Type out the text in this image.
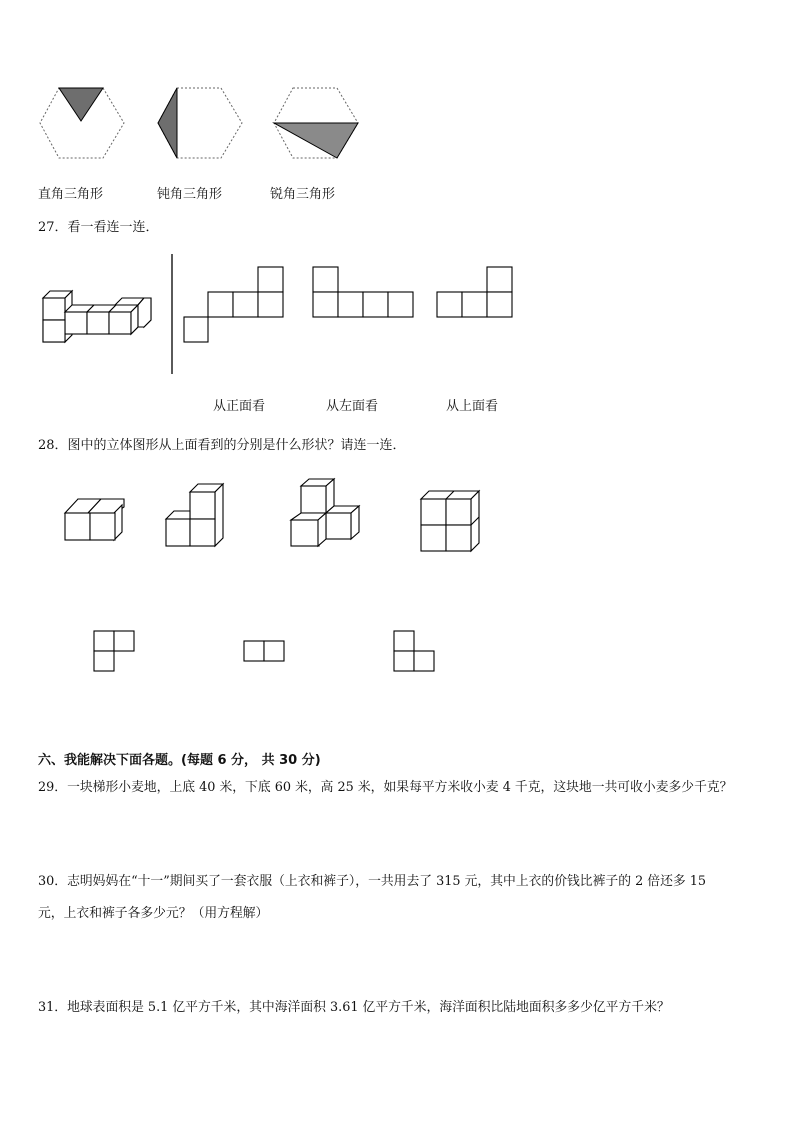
直角三角形	钝角三角形	锐角三角形
27．看一看连一连．
从正面看	从左面看	从上面看
28．图中的立体图形从上面看到的分别是什么形状？请连一连．
六、我能解决下面各题。(每题 6 分， 共 30 分)
29．一块梯形小麦地，上底 40 米，下底 60 米，高 25 米，如果每平方米收小麦 4 千克，这块地一共可收小麦多少千克？
30．志明妈妈在“十一”期间买了一套衣服（上衣和裤子），一共用去了 315 元，其中上衣的价钱比裤子的 2 倍还多 15
元，上衣和裤子各多少元？（用方程解）
31．地球表面积是 5.1 亿平方千米，其中海洋面积 3.61 亿平方千米，海洋面积比陆地面积多多少亿平方千米？
